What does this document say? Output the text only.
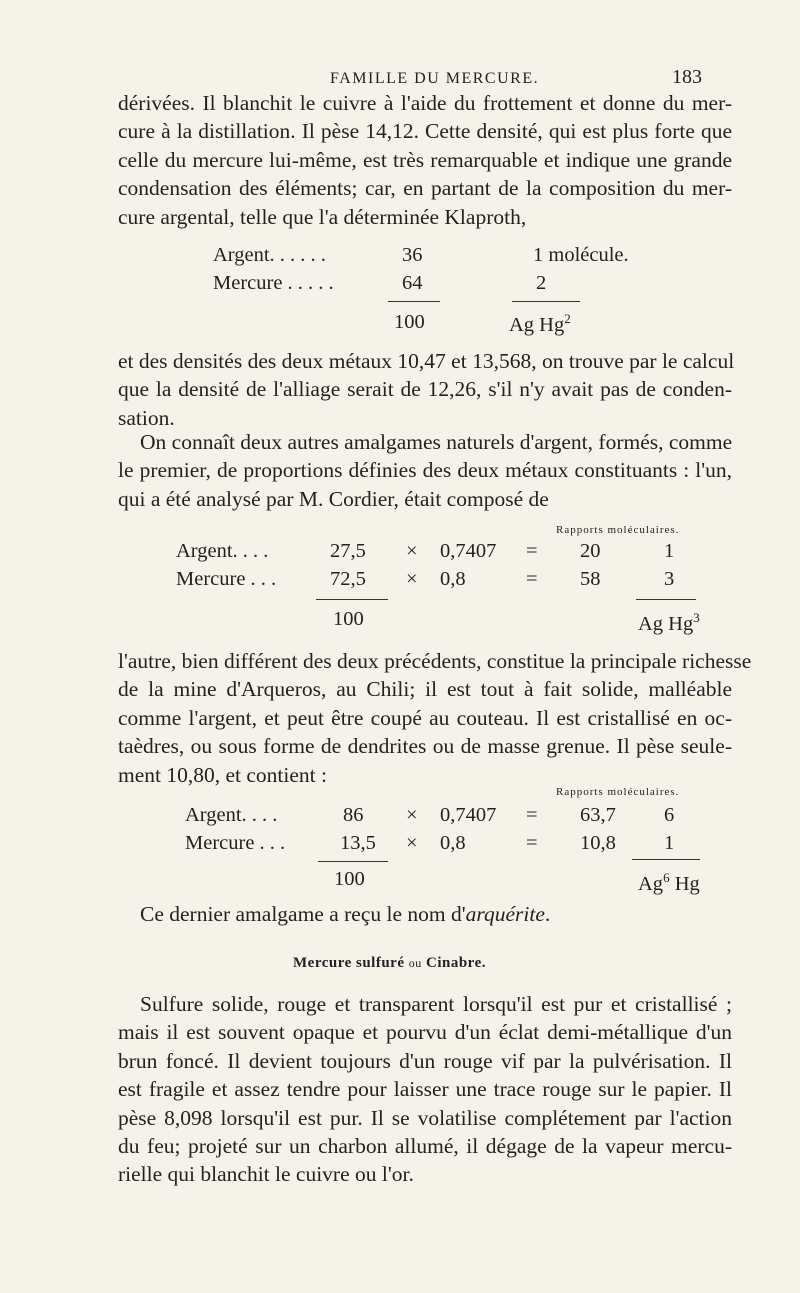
FAMILLE DU MERCURE.	183
dérivées. Il blanchit le cuivre à l'aide du frottement et donne du mer-
cure à la distillation. Il pèse 14,12. Cette densité, qui est plus forte que
celle du mercure lui-même, est très remarquable et indique une grande
condensation des éléments; car, en partant de la composition du mer-
cure argental, telle que l'a déterminée Klaproth,
Argent. . . . . .	36	1 molécule.
Mercure . . . . .	64	2
100	Ag Hg$^2$
et des densités des deux métaux 10,47 et 13,568, on trouve par le calcul
que la densité de l'alliage serait de 12,26, s'il n'y avait pas de conden-
sation.
On connaît deux autres amalgames naturels d'argent, formés, comme
le premier, de proportions définies des deux métaux constituants : l'un,
qui a été analysé par M. Cordier, était composé de
Rapports moléculaires.
Argent. . . .	27,5 × 0,7407 = 20	1
Mercure . . .	72,5 × 0,8	= 58	3
100	Ag Hg$^3$
l'autre, bien différent des deux précédents, constitue la principale richesse
de la mine d'Arqueros, au Chili; il est tout à fait solide, malléable
comme l'argent, et peut être coupé au couteau. Il est cristallisé en oc-
taèdres, ou sous forme de dendrites ou de masse grenue. Il pèse seule-
ment 10,80, et contient :
Rapports moléculaires.
Argent. . . .	86 × 0,7407 = 63,7 6
Mercure . . .	13,5 × 0,8	= 10,8 1
100	Ag$^6$ Hg
Ce dernier amalgame a reçu le nom d'arquérite.
Mercure sulfuré ou Cinabre.
Sulfure solide, rouge et transparent lorsqu'il est pur et cristallisé ;
mais il est souvent opaque et pourvu d'un éclat demi-métallique d'un
brun foncé. Il devient toujours d'un rouge vif par la pulvérisation. Il
est fragile et assez tendre pour laisser une trace rouge sur le papier. Il
pèse 8,098 lorsqu'il est pur. Il se volatilise complétement par l'action
du feu; projeté sur un charbon allumé, il dégage de la vapeur mercu-
rielle qui blanchit le cuivre ou l'or.
